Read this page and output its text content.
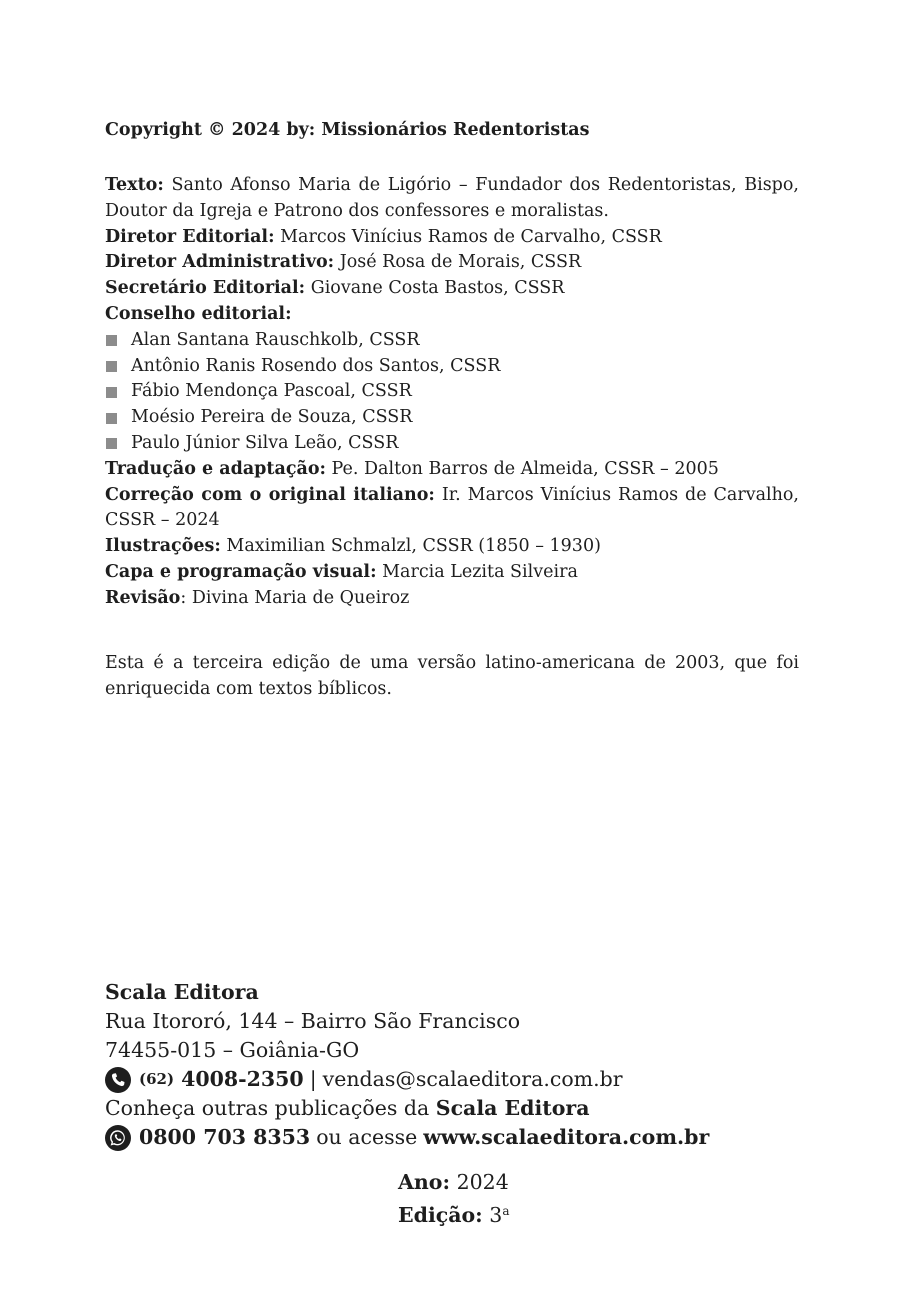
Copyright © 2024 by: Missionários Redentoristas

Texto: Santo Afonso Maria de Ligório – Fundador dos Redentoristas, Bispo, Doutor da Igreja e Patrono dos confessores e moralistas.

Diretor Editorial: Marcos Vinícius Ramos de Carvalho, CSSR

Diretor Administrativo: José Rosa de Morais, CSSR

Secretário Editorial: Giovane Costa Bastos, CSSR

Conselho editorial:

Alan Santana Rauschkolb, CSSR

Antônio Ranis Rosendo dos Santos, CSSR

Fábio Mendonça Pascoal, CSSR

Moésio Pereira de Souza, CSSR

Paulo Júnior Silva Leão, CSSR

Tradução e adaptação: Pe. Dalton Barros de Almeida, CSSR – 2005

Correção com o original italiano: Ir. Marcos Vinícius Ramos de Carvalho, CSSR – 2024

Ilustrações: Maximilian Schmalzl, CSSR (1850 – 1930)

Capa e programação visual: Marcia Lezita Silveira

Revisão: Divina Maria de Queiroz

Esta é a terceira edição de uma versão latino-americana de 2003, que foi enriquecida com textos bíblicos.

Scala Editora
Rua Itororó, 144 – Bairro São Francisco
74455-015 – Goiânia-GO
(62) 4008-2350 | vendas@scalaeditora.com.br
Conheça outras publicações da Scala Editora
0800 703 8353 ou acesse www.scalaeditora.com.br
Ano: 2024
Edição: 3$^a$
